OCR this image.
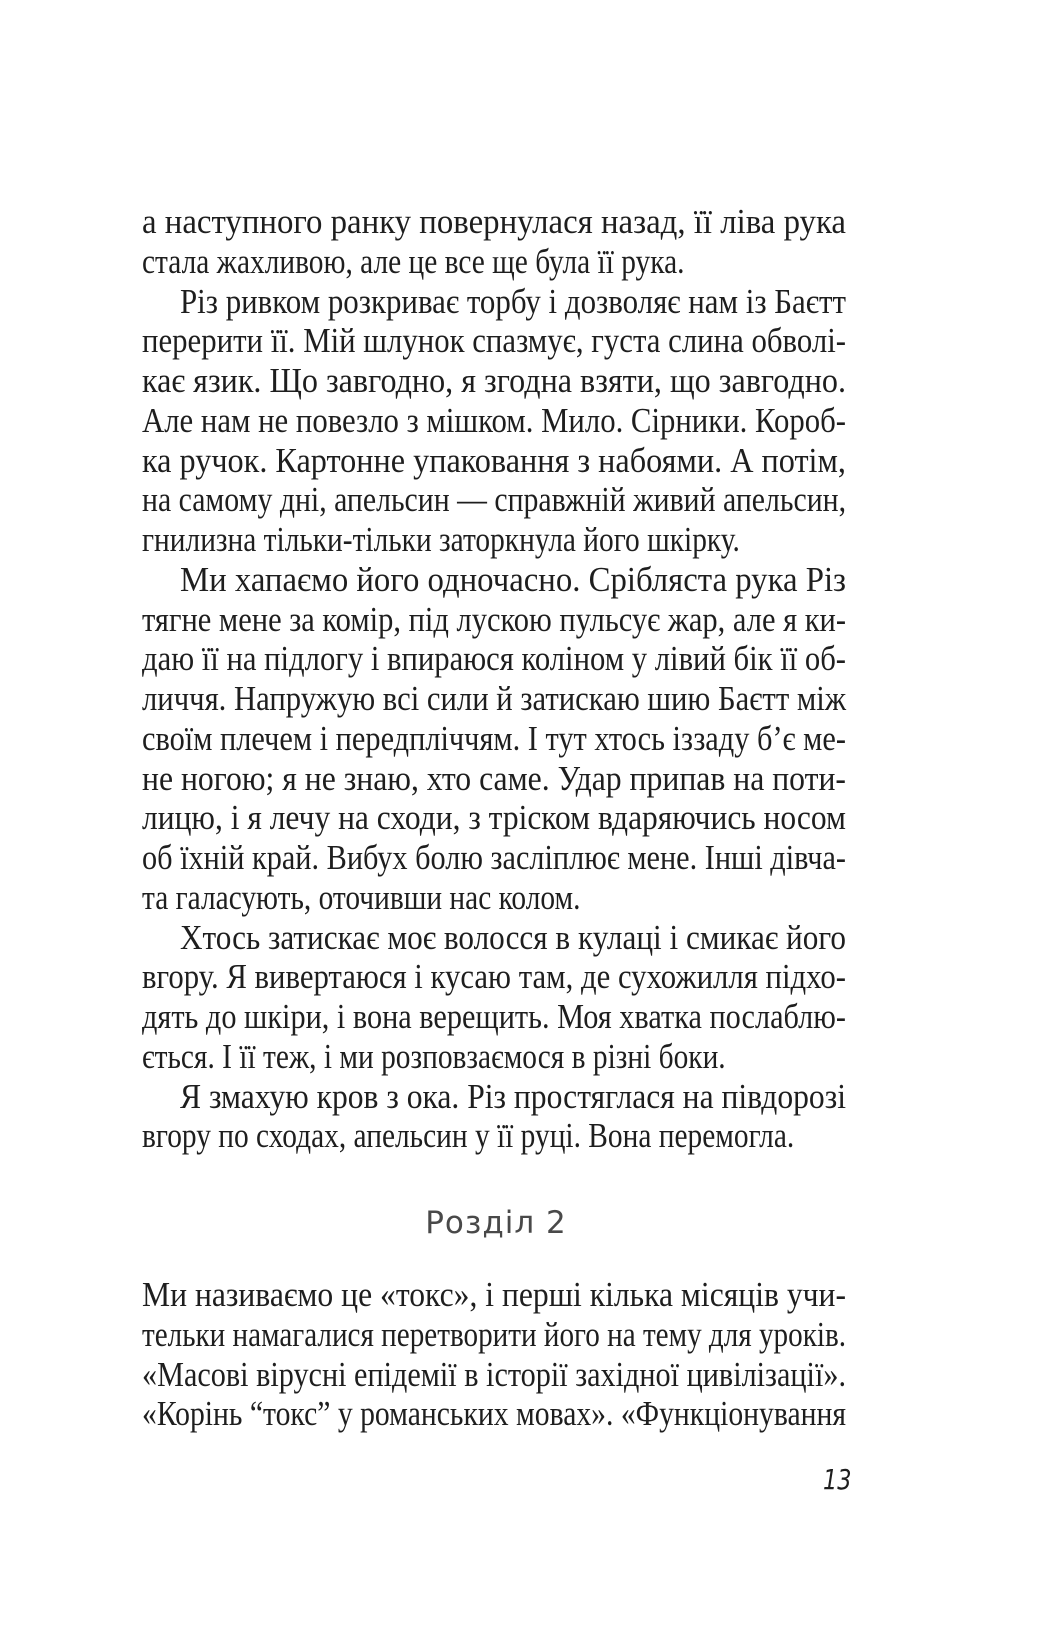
а наступного ранку повернулася назад, її ліва рука
стала жахливою, але це все ще була її рука.
Різ ривком розкриває торбу і дозволяє нам із Баєтт
перерити її. Мій шлунок спазмує, густа слина обволі-
кає язик. Що завгодно, я згодна взяти, що завгодно.
Але нам не повезло з мішком. Мило. Сірники. Короб-
ка ручок. Картонне упаковання з набоями. А потім,
на самому дні, апельсин — справжній живий апельсин,
гнилизна тільки-тільки заторкнула його шкірку.
Ми хапаємо його одночасно. Срібляста рука Різ
тягне мене за комір, під лускою пульсує жар, але я ки-
даю її на підлогу і впираюся коліном у лівий бік її об-
личчя. Напружую всі сили й затискаю шию Баєтт між
своїм плечем і передпліччям. І тут хтось іззаду б’є ме-
не ногою; я не знаю, хто саме. Удар припав на поти-
лицю, і я лечу на сходи, з тріском вдаряючись носом
об їхній край. Вибух болю засліплює мене. Інші дівча-
та галасують, оточивши нас колом.
Хтось затискає моє волосся в кулаці і смикає його
вгору. Я вивертаюся і кусаю там, де сухожилля підхо-
дять до шкіри, і вона верещить. Моя хватка послаблю-
ється. І її теж, і ми розповзаємося в різні боки.
Я змахую кров з ока. Різ простяглася на півдорозі
вгору по сходах, апельсин у її руці. Вона перемогла.
Розділ 2
Ми називаємо це «токс», і перші кілька місяців учи-
тельки намагалися перетворити його на тему для уроків.
«Масові вірусні епідемії в історії західної цивілізації».
«Корінь “токс” у романських мовах». «Функціонування
13
